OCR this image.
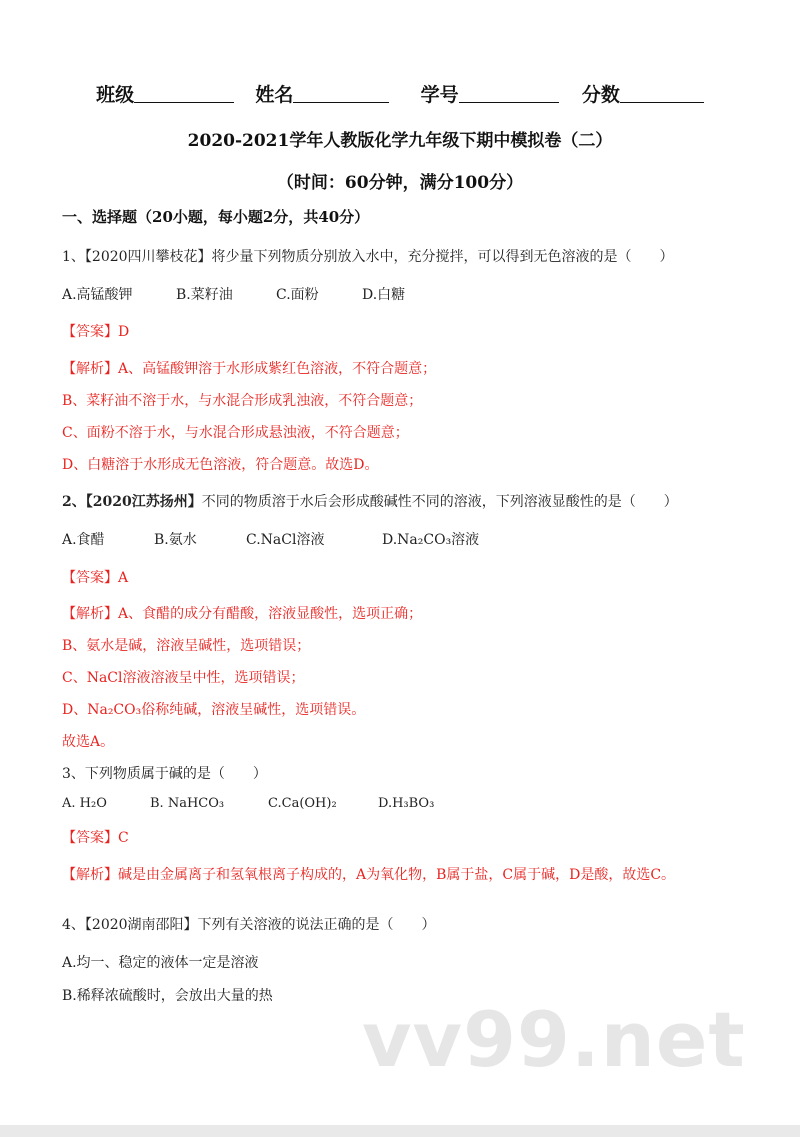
班级	姓名	学号	分数
2020-2021学年人教版化学九年级下期中模拟卷（二）
（时间：60分钟，满分100分）
一、选择题（20小题，每小题2分，共40分）
1、【2020四川攀枝花】将少量下列物质分别放入水中，充分搅拌，可以得到无色溶液的是（　　）
A.高锰酸钾	B.菜籽油	C.面粉	D.白糖
【答案】D
【解析】A、高锰酸钾溶于水形成紫红色溶液，不符合题意；
B、菜籽油不溶于水，与水混合形成乳浊液，不符合题意；
C、面粉不溶于水，与水混合形成悬浊液，不符合题意；
D、白糖溶于水形成无色溶液，符合题意。故选D。
2、【2020江苏扬州】不同的物质溶于水后会形成酸碱性不同的溶液，下列溶液显酸性的是（　　）
A.食醋	B.氨水	C.NaCl溶液	D.Na₂CO₃溶液
【答案】A
【解析】A、食醋的成分有醋酸，溶液显酸性，选项正确；
B、氨水是碱，溶液呈碱性，选项错误；
C、NaCl溶液溶液呈中性，选项错误；
D、Na₂CO₃俗称纯碱，溶液呈碱性，选项错误。
故选A。
3、下列物质属于碱的是（　　）
A. H₂O	B. NaHCO₃	C.Ca(OH)₂	D.H₃BO₃
【答案】C
【解析】碱是由金属离子和氢氧根离子构成的，A为氧化物，B属于盐，C属于碱，D是酸，故选C。
4、【2020湖南邵阳】下列有关溶液的说法正确的是（　　）
A.均一、稳定的液体一定是溶液
B.稀释浓硫酸时，会放出大量的热 vv99.net
